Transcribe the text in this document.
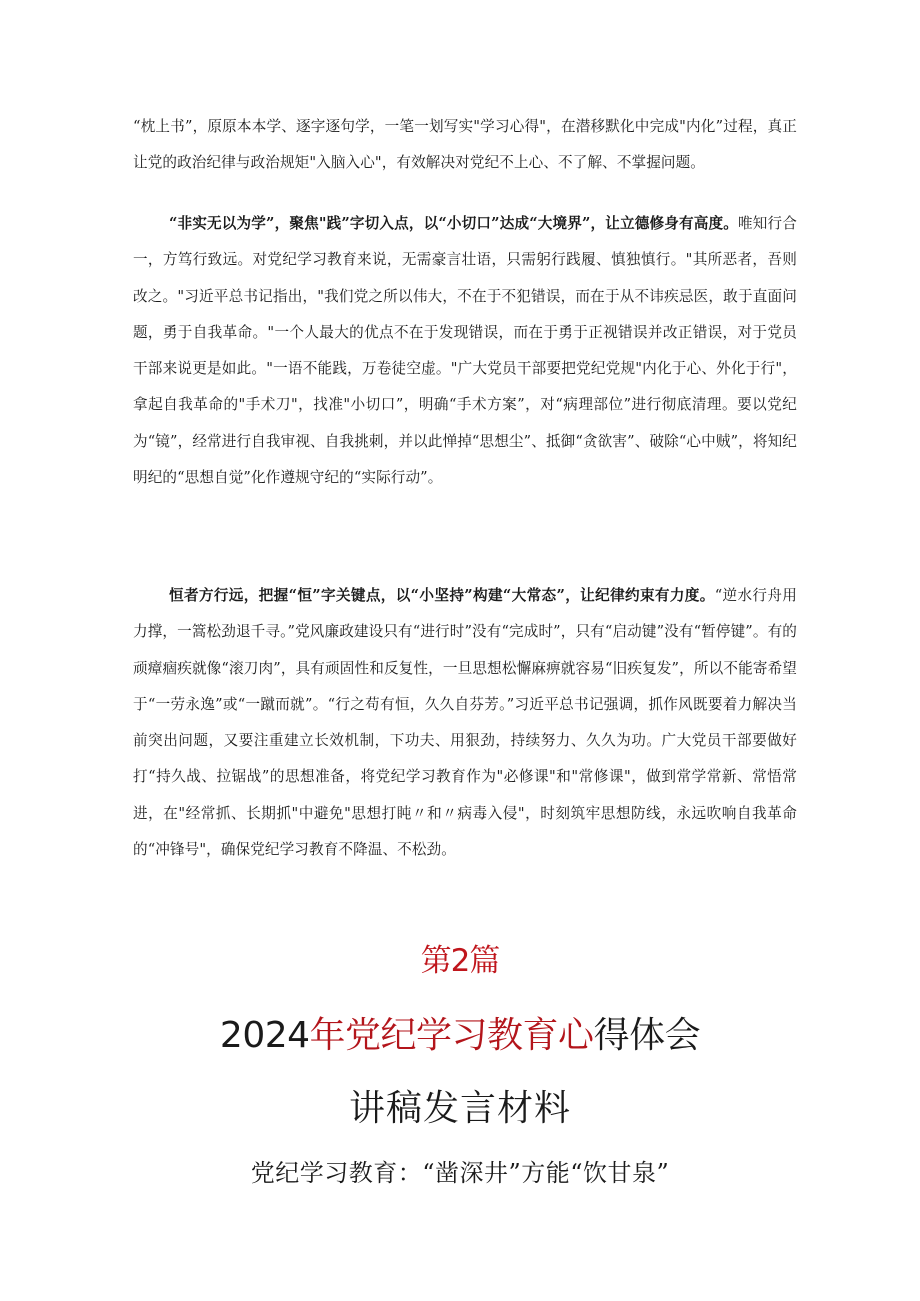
“枕上书”，原原本本学、逐字逐句学，一笔一划写实"学习心得"，在潜移默化中完成"内化”过程，真正让党的政治纪律与政治规矩"入脑入心"，有效解决对党纪不上心、不了解、不掌握问题。

“非实无以为学”，聚焦"践”字切入点，以“小切口”达成“大境界”，让立德修身有高度。唯知行合一，方笃行致远。对党纪学习教育来说，无需豪言壮语，只需躬行践履、慎独慎行。"其所恶者，吾则改之。"习近平总书记指出，"我们党之所以伟大，不在于不犯错误，而在于从不讳疾忌医，敢于直面问题，勇于自我革命。"一个人最大的优点不在于发现错误，而在于勇于正视错误并改正错误，对于党员干部来说更是如此。"一语不能践，万卷徒空虚。"广大党员干部要把党纪党规"内化于心、外化于行"，拿起自我革命的"手术刀"，找准"小切口”，明确“手术方案”，对“病理部位”进行彻底清理。要以党纪为“镜”，经常进行自我审视、自我挑刺，并以此惮掉“思想尘”、抵御“贪欲害”、破除“心中贼”，将知纪明纪的“思想自觉”化作遵规守纪的“实际行动”。

恒者方行远，把握“恒”字关键点，以“小坚持”构建“大常态”，让纪律约束有力度。“逆水行舟用力撑，一篙松劲退千寻。”党风廉政建设只有“进行时”没有“完成时”，只有“启动键”没有“暂停键”。有的顽瘴痼疾就像“滚刀肉”，具有顽固性和反复性，一旦思想松懈麻痹就容易“旧疾复发”，所以不能寄希望于“一劳永逸”或“一蹴而就”。“行之苟有恒，久久自芬芳。”习近平总书记强调，抓作风既要着力解决当前突出问题，又要注重建立长效机制，下功夫、用狠劲，持续努力、久久为功。广大党员干部要做好打“持久战、拉锯战”的思想准备，将党纪学习教育作为"必修课"和"常修课"，做到常学常新、常悟常进，在"经常抓、长期抓"中避免"思想打盹〃和〃病毒入侵"，时刻筑牢思想防线，永远吹响自我革命的“冲锋号"，确保党纪学习教育不降温、不松劲。

第2篇
2024年党纪学习教育心得体会
讲稿发言材料
党纪学习教育：“凿深井”方能“饮甘泉”
